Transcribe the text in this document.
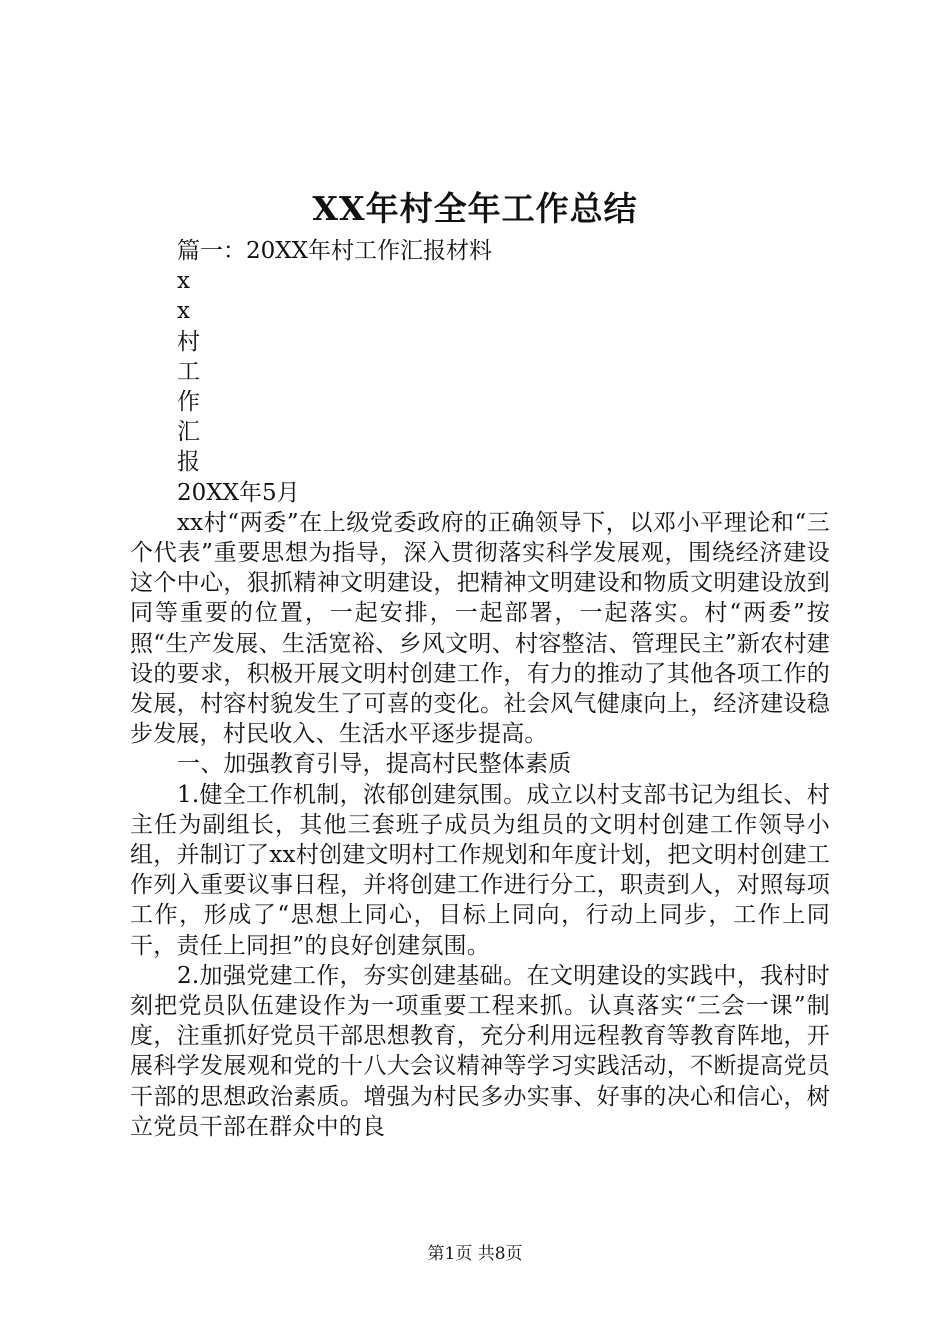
XX年村全年工作总结
篇一：20XX年村工作汇报材料
x
x
村
工
作
汇
报
20XX年5月
xx村“两委”在上级党委政府的正确领导下，以邓小平理论和“三个代表”重要思想为指导，深入贯彻落实科学发展观，围绕经济建设这个中心，狠抓精神文明建设，把精神文明建设和物质文明建设放到同等重要的位置，一起安排，一起部署，一起落实。村“两委”按照“生产发展、生活宽裕、乡风文明、村容整洁、管理民主”新农村建设的要求，积极开展文明村创建工作，有力的推动了其他各项工作的发展，村容村貌发生了可喜的变化。社会风气健康向上，经济建设稳步发展，村民收入、生活水平逐步提高。
一、加强教育引导，提高村民整体素质
1.健全工作机制，浓郁创建氛围。成立以村支部书记为组长、村主任为副组长，其他三套班子成员为组员的文明村创建工作领导小组，并制订了xx村创建文明村工作规划和年度计划，把文明村创建工作列入重要议事日程，并将创建工作进行分工，职责到人，对照每项工作，形成了“思想上同心，目标上同向，行动上同步，工作上同干，责任上同担”的良好创建氛围。
2.加强党建工作，夯实创建基础。在文明建设的实践中，我村时刻把党员队伍建设作为一项重要工程来抓。认真落实“三会一课”制度，注重抓好党员干部思想教育，充分利用远程教育等教育阵地，开展科学发展观和党的十八大会议精神等学习实践活动，不断提高党员干部的思想政治素质。增强为村民多办实事、好事的决心和信心，树立党员干部在群众中的良
第1页 共8页
